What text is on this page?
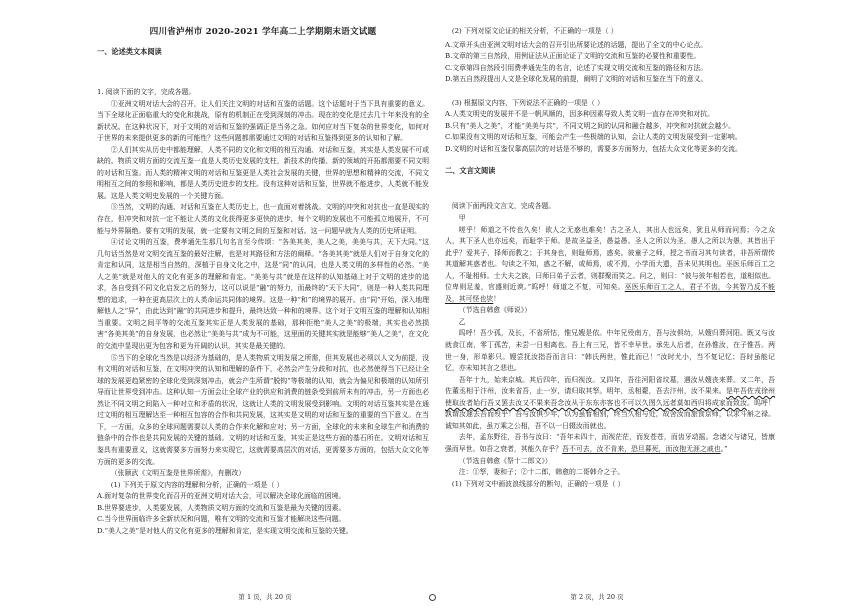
四川省泸州市 2020-2021 学年高二上学期期末语文试题
一、论述类文本阅读

1. 阅读下面的文字，完成各题。

①亚洲文明对话大会的召开，让人们关注文明的对话和互鉴的话题。这个话题对于当下具有重要的意义。当下全球化正面临重大的变化和挑战，原有的机制正在受到深刻的冲击。现在的变化是过去几十年来没有的全新状况。在这种状况下，对于文明的对话和互鉴的强调正是当务之急。如何应对当下复杂的世界变化，如何对于世界的未来提供更多的新的可能性？这些问题都需要通过文明的对话和互鉴得到更多的认知和了解。

②人们其实从历史中都能理解，人类不同的文化和文明的相互沟通、对话和互鉴，其实是人类发展不可或缺的。物质文明方面的交流互鉴一直是人类历史发展的支柱，新技术的传播、新的领域的开拓都需要不同文明的对话和互鉴。而人类的精神文明的对话和互鉴更是人类社会发展的关键，世界的思想和精神的交流，不同文明相互之间的参照和影响，都是人类历史进步的支柱。没有这种对话和互鉴，世界就不能进步，人类就不能发展。这是人类文明史发展的一个关键方面。

③当然，文明的沟通、对话和互鉴在人类历史上，也一直面对着挑战。文明的冲突和对抗也一直是现实的存在，但冲突和对抗一定不能让人类的文化获得更多更快的进步，每个文明的发展也不可能孤立地展开，不可能与外界隔绝。要有文明的发展，就一定要有文明之间的互鉴和对话。这一问题早就为人类的历史所证明。

④讨论文明的互鉴，费孝通先生那几句名言至今传颂：“各美其美，美人之美，美美与共，天下大同。”这几句话当然是对文明交流互鉴的最好注解，也是对其路径和方法的阐释。“各美其美”就是人们对于自身文化的肯定和认同，这是相当自然的，深植于自身文化之中，这是“同”的认同，也是人类文明的多样性的必然。“美人之美”就是对他人的文化有更多的理解和肯定。“美美与共”就是在这样的认知基础上对于文明的进步的追求，各自受到不同文化启发之后的努力，这可以说是“融”的努力，而最终的“天下大同”，则是一种人类共同理想的追求，一种在更高层次上的人类命运共同体的境界。这是一种“和”的境界的展开。由“同”开始，深入地理解他人之“异”，由此达到“融”的共同进步和提升，最终达致一种和的境界。这个对于文明互鉴的理解和认知相当重要。文明之间平等的交流互鉴其实正是人类发展的基础，那种拒绝“美人之美”的极端，其实也必然损害“各美其美”的自身发展，也必然让“美美与共”成为不可能，这里面的关键其实就是能够“美人之美”，在文化的交流中显现出更为包容和更为开阔的认识，其实是最关键的。

⑤当下的全球化当然是以经济为基础的，是人类物质文明发展之所需，但其发展也必须以人文为前提，没有文明的对话和互鉴，在文明冲突的认知和理解的条件下，必然会产生分歧和对抗，也必然使得当下已经让全球的发展更趋紧密的全球化受到深刻冲击，就会产生所谓“脱钩”等极端的认知，就会为偏见和极端的认知所引导而让世界受到冲击。这种认知一方面会让全球产业的供应和消费的链条受到前所未有的冲击，另一方面也必然让不同文明之间陷入一种对立和矛盾的状况，这就让人类的文明发展受到影响。文明的对话互鉴其实是在通过文明的相互理解达至一种相互包容的合作和共同发展，这其实是文明的对话和互鉴的重要的当下意义。在当下，一方面，众多的全球问题需要以人类的合作来化解和应对；另一方面，全球化的未来和全球生产和消费的链条中的合作也是共同发展的关键的基础。文明的对话和互鉴，其实正是这些方面的基石所在。文明对话和互鉴具有重要意义，这就需要多方面努力来实现它，这就需要高层次的对话，更需要多方面的，包括大众文化等方面的更多的交流。

（张颐武《文明互鉴是世界所需》，有删改）

(1) 下列关于原文内容的理解和分析，正确的一项是（ ）

A.面对复杂的世界变化而召开的亚洲文明对话大会，可以解决全球化面临的困境。

B.世界要进步，人类要发展，人类物质文明方面的交流和互鉴是最为关键的因素。

C.当今世界面临许多全新状况和问题，唯有文明的交流和互鉴才能解决这些问题。

D.“美人之美”是对他人的文化有更多的理解和肯定，是实现文明交流和互鉴的关键。

(2) 下列对原文论证的相关分析，不正确的一项是（ ）

A.文章开头由亚洲文明对话大会的召开引出所要论述的话题，提出了全文的中心论点。

B.文章的第三自然段，用例证法从正面论证了文明的交流和互鉴的必要性和重要性。

C.文章第四自然段引用费孝通先生的名言，论述了实现文明交流和互鉴的路径和方法。

D.第五自然段提出人文是全球化发展的前提，阐明了文明的对话和互鉴在当下的意义。

(3) 根据原文内容，下列说法不正确的一项是（ ）

A.人类文明史的发展并不是一帆风顺的，因多种因素导致人类文明一直存在冲突和对抗。

B.只有“美人之美”，才能“美美与共”，不同文明之间的认同和融合越多，冲突和对抗就会越少。

C.如果没有文明的对话和互鉴，可能会产生一些极端的认知，会让人类的文明发展受到一定影响。

D.文明的对话和互鉴仅靠高层次的对话是不够的，需要多方面努力，包括大众文化等更多的交流。

二、文言文阅读

阅读下面两段文言文，完成各题。

甲

嗟乎！师道之不传也久矣！欲人之无惑也难矣！古之圣人，其出人也远矣，犹且从师而问焉；今之众人，其下圣人也亦远矣，而耻学于师。是故圣益圣，愚益愚。圣人之所以为圣，愚人之所以为愚，其皆出于此乎？爱其子，择师而教之；于其身也，则耻师焉，惑矣。彼童子之师，授之书而习其句读者，非吾所谓传其道解其惑者也。句读之不知，惑之不解，或师焉，或不焉，小学而大遗，吾未见其明也。巫医乐师百工之人，不耻相师。士大夫之族，曰师曰弟子云者，则群聚而笑之。问之，则曰：“彼与彼年相若也，道相似也。位卑则足羞，官盛则近谀。”呜呼！师道之不复，可知矣。巫医乐师百工之人，君子不齿，今其智乃反不能及，其可怪也欤！

（节选自韩愈《师说》）

乙

呜呼！吾少孤，及长，不省所怙，惟兄嫂是依。中年兄殁南方，吾与汝俱幼，从嫂归葬河阳。既又与汝就食江南，零丁孤苦，未尝一日相离也。吾上有三兄，皆不幸早世。承先人后者，在孙惟汝，在子惟吾。两世一身，形单影只。嫂尝抚汝指吾而言曰：“韩氏两世，惟此而已！”汝时尤小，当不复记忆；吾时虽能记忆，亦未知其言之悲也。

吾年十九，始来京城。其后四年，而归视汝。又四年，吾往河阳省坟墓，遇汝从嫂丧来葬。又二年，吾佐董丞相于汴州，汝来省吾，止一岁，请归取其孥。明年，丞相薨，吾去汴州，汝不果来。是年吾佐戎徐州使取汝者始行吾又罢去汝又不果来吾念汝从于东东亦客也不可以久图久远者莫如西归将成家而致汝。呜呼！孰谓汝遽去吾而殁乎！吾与汝俱少年，以为虽暂相别，终当久相与处，故舍汝而旅食京师，以求斗斛之禄。诚知其如此，虽万乘之公相，吾不以一日辍汝而就也。

去年，孟东野往，吾书与汝曰：“吾年未四十，而视茫茫，而发苍苍，而齿牙动摇。念诸父与诸兄，皆康强而早世。如吾之衰者，其能久存乎？吾不可去，汝不肯来，恐旦暮死，而汝抱无涯之戚也。”

（节选自韩愈《祭十二郎文》）

注：①孥，妻和子；②十二郎，韩愈的二哥韩介之子。

(1) 下列对文中画波浪线部分的断句，正确的一项是（ ）

第 1 页，共 20 页	第 2 页，共 20 页
